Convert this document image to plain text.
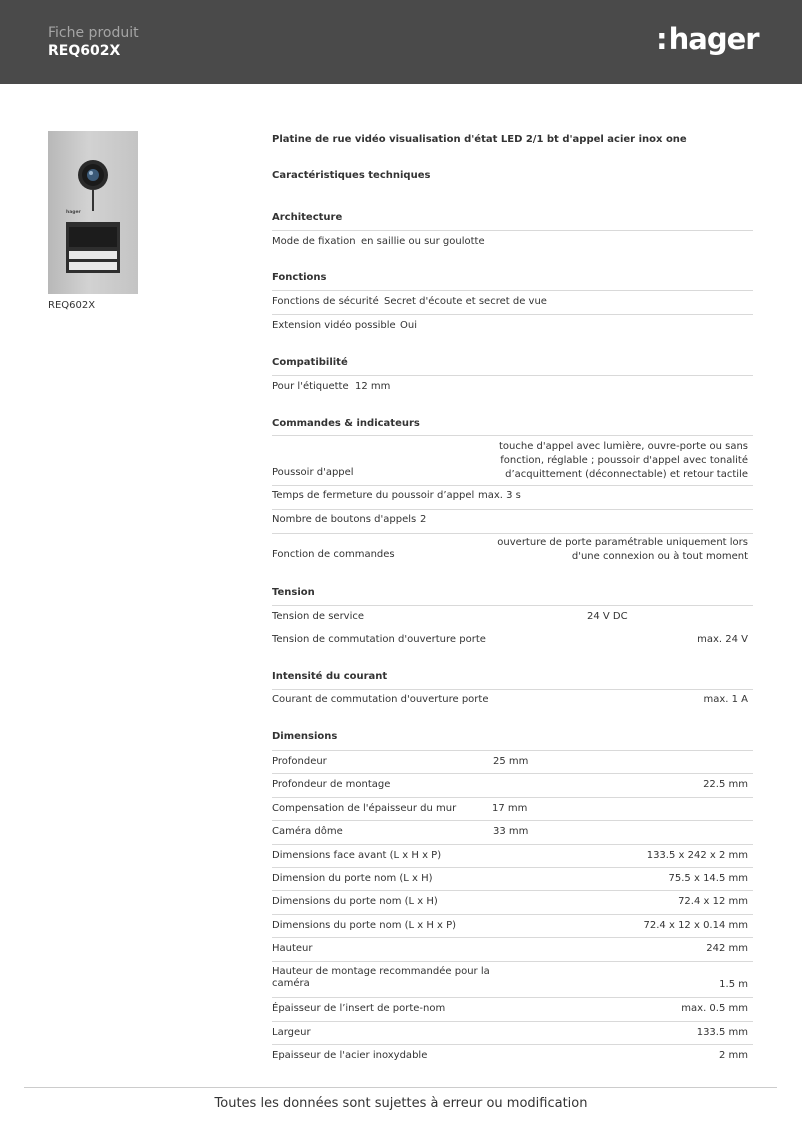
Fiche produit
REQ602X	:hager
hager
REQ602X
Platine de rue vidéo visualisation d'état LED 2/1 bt d'appel acier inox one
Caractéristiques techniques
Architecture
Mode de fixation en saillie ou sur goulotte
Fonctions
Fonctions de sécurité Secret d'écoute et secret de vue
Extension vidéo possible Oui
Compatibilité
Pour l'étiquette 12 mm
Commandes & indicateurs
Poussoir d'appel
touche d'appel avec lumière, ouvre-porte ou sans
fonction, réglable ; poussoir d'appel avec tonalité
d’acquittement (déconnectable) et retour tactile
Temps de fermeture du poussoir d’appel max. 3 s
Nombre de boutons d'appels 2
Fonction de commandes
ouverture de porte paramétrable uniquement lors
d'une connexion ou à tout moment
Tension
Tension de service	24 V DC
Tension de commutation d'ouverture porte	max. 24 V
Intensité du courant
Courant de commutation d'ouverture porte	max. 1 A
Dimensions
Profondeur	25 mm
Profondeur de montage	22.5 mm
Compensation de l'épaisseur du mur	17 mm
Caméra dôme	33 mm
Dimensions face avant (L x H x P)	133.5 x 242 x 2 mm
Dimension du porte nom (L x H)	75.5 x 14.5 mm
Dimensions du porte nom (L x H)	72.4 x 12 mm
Dimensions du porte nom (L x H x P)	72.4 x 12 x 0.14 mm
Hauteur	242 mm
Hauteur de montage recommandée pour la
caméra	1.5 m
Épaisseur de l’insert de porte-nom	max. 0.5 mm
Largeur	133.5 mm
Epaisseur de l'acier inoxydable	2 mm
Toutes les données sont sujettes à erreur ou modification
